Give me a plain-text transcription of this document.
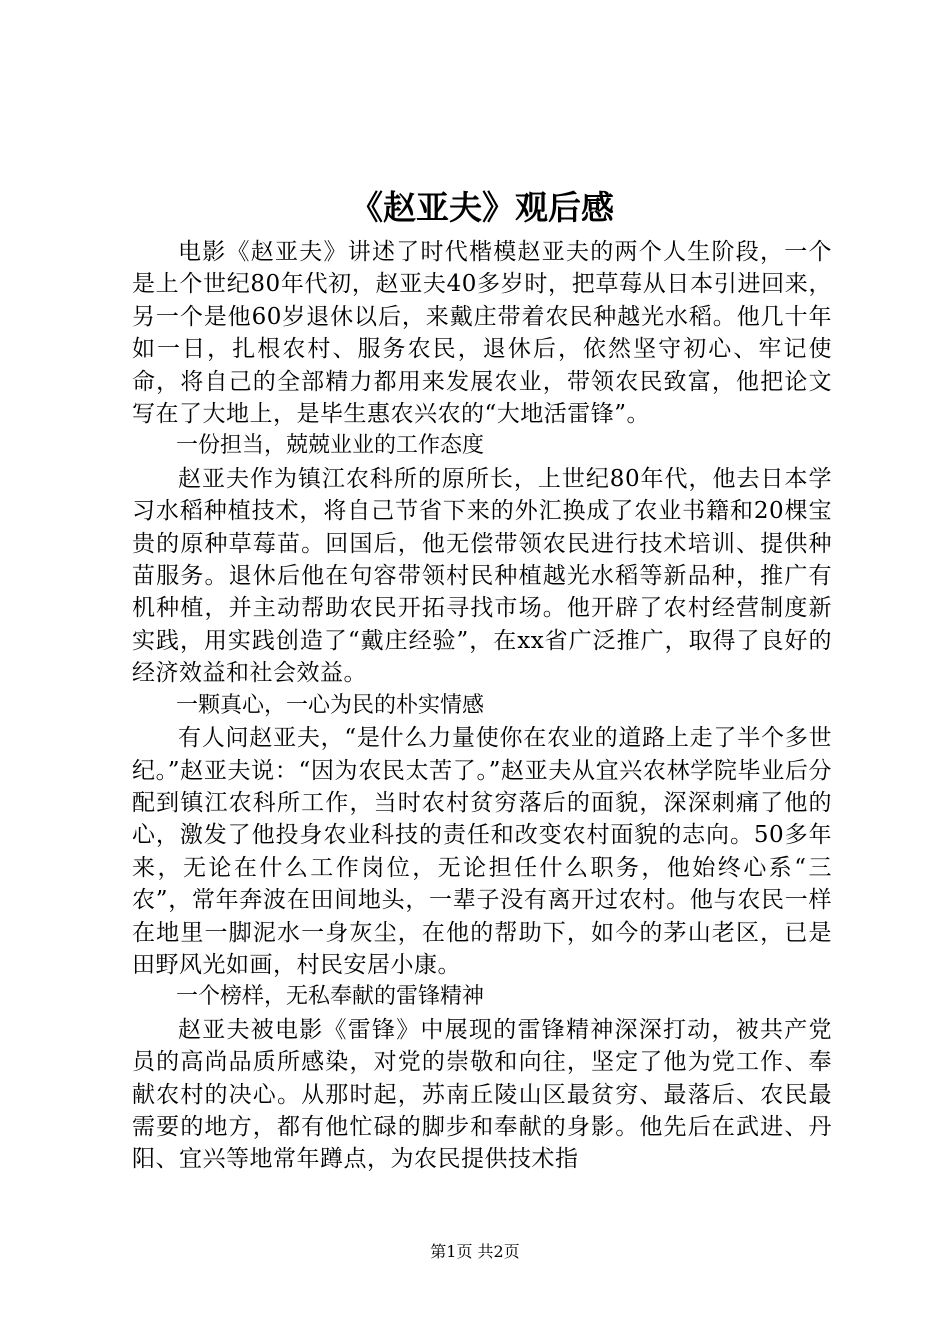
《赵亚夫》观后感

电影《赵亚夫》讲述了时代楷模赵亚夫的两个人生阶段，一个是上个世纪80年代初，赵亚夫40多岁时，把草莓从日本引进回来，另一个是他60岁退休以后，来戴庄带着农民种越光水稻。他几十年如一日，扎根农村、服务农民，退休后，依然坚守初心、牢记使命，将自己的全部精力都用来发展农业，带领农民致富，他把论文写在了大地上，是毕生惠农兴农的“大地活雷锋”。

一份担当，兢兢业业的工作态度

赵亚夫作为镇江农科所的原所长，上世纪80年代，他去日本学习水稻种植技术，将自己节省下来的外汇换成了农业书籍和20棵宝贵的原种草莓苗。回国后，他无偿带领农民进行技术培训、提供种苗服务。退休后他在句容带领村民种植越光水稻等新品种，推广有机种植，并主动帮助农民开拓寻找市场。他开辟了农村经营制度新实践，用实践创造了“戴庄经验”，在xx省广泛推广，取得了良好的经济效益和社会效益。

一颗真心，一心为民的朴实情感

有人问赵亚夫，“是什么力量使你在农业的道路上走了半个多世纪。”赵亚夫说：“因为农民太苦了。”赵亚夫从宜兴农林学院毕业后分配到镇江农科所工作，当时农村贫穷落后的面貌，深深刺痛了他的心，激发了他投身农业科技的责任和改变农村面貌的志向。50多年来，无论在什么工作岗位，无论担任什么职务，他始终心系“三农”，常年奔波在田间地头，一辈子没有离开过农村。他与农民一样在地里一脚泥水一身灰尘，在他的帮助下，如今的茅山老区，已是田野风光如画，村民安居小康。

一个榜样，无私奉献的雷锋精神

赵亚夫被电影《雷锋》中展现的雷锋精神深深打动，被共产党员的高尚品质所感染，对党的崇敬和向往，坚定了他为党工作、奉献农村的决心。从那时起，苏南丘陵山区最贫穷、最落后、农民最需要的地方，都有他忙碌的脚步和奉献的身影。他先后在武进、丹阳、宜兴等地常年蹲点，为农民提供技术指

第1页 共2页
